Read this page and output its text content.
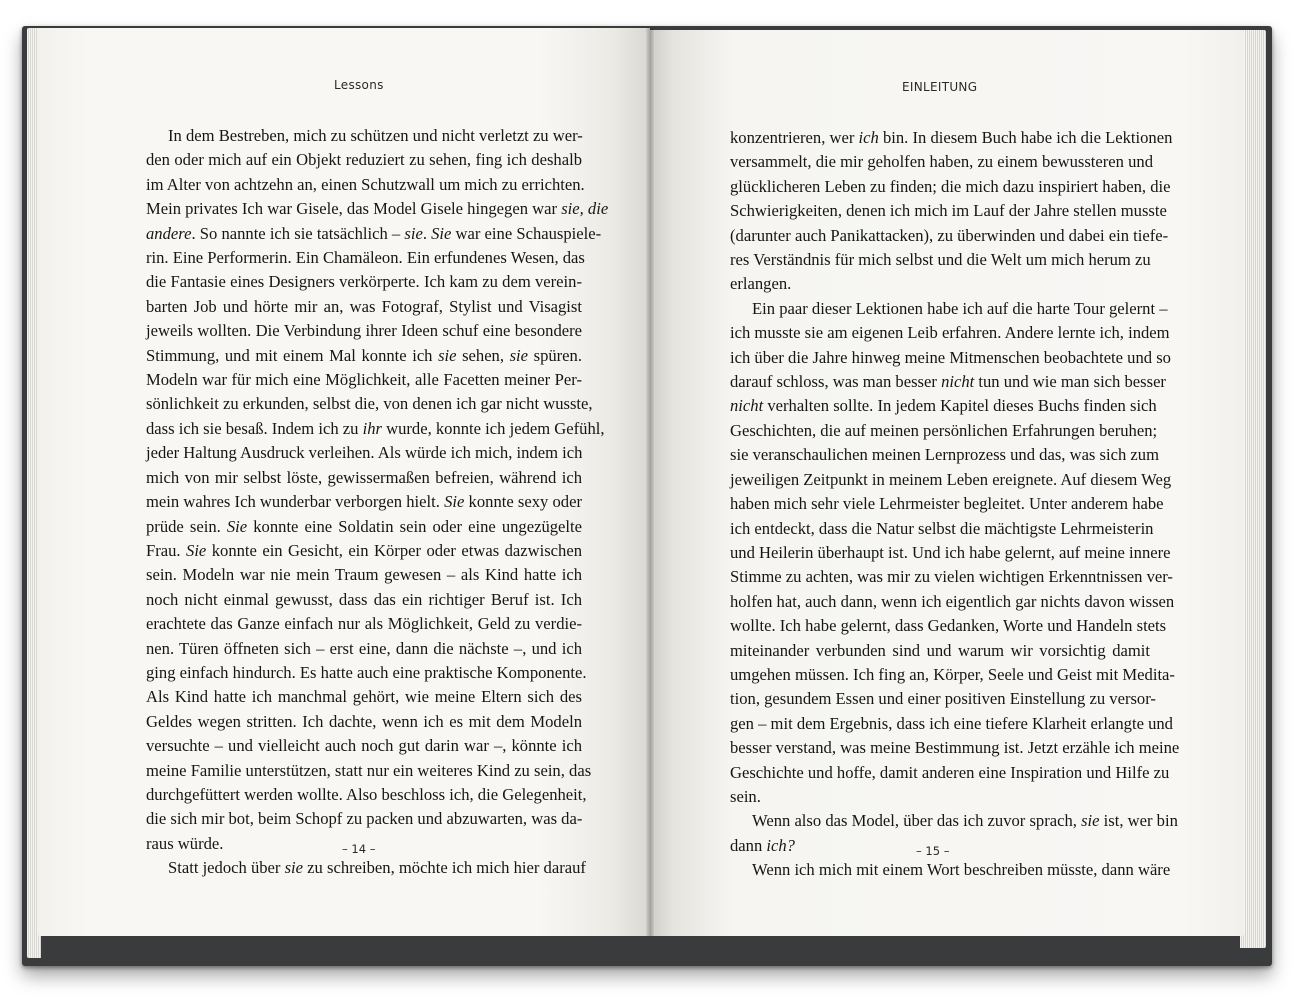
Lessons
In dem Bestreben, mich zu schützen und nicht verletzt zu wer-
den oder mich auf ein Objekt reduziert zu sehen, fing ich deshalb
im Alter von achtzehn an, einen Schutzwall um mich zu errichten.
Mein privates Ich war Gisele, das Model Gisele hingegen war sie, die
andere. So nannte ich sie tatsächlich – sie. Sie war eine Schauspiele-
rin. Eine Performerin. Ein Chamäleon. Ein erfundenes Wesen, das
die Fantasie eines Designers verkörperte. Ich kam zu dem verein-
barten Job und hörte mir an, was Fotograf, Stylist und Visagist
jeweils wollten. Die Verbindung ihrer Ideen schuf eine besondere
Stimmung, und mit einem Mal konnte ich sie sehen, sie spüren.
Modeln war für mich eine Möglichkeit, alle Facetten meiner Per-
sönlichkeit zu erkunden, selbst die, von denen ich gar nicht wusste,
dass ich sie besaß. Indem ich zu ihr wurde, konnte ich jedem Gefühl,
jeder Haltung Ausdruck verleihen. Als würde ich mich, indem ich
mich von mir selbst löste, gewissermaßen befreien, während ich
mein wahres Ich wunderbar verborgen hielt. Sie konnte sexy oder
prüde sein. Sie konnte eine Soldatin sein oder eine ungezügelte
Frau. Sie konnte ein Gesicht, ein Körper oder etwas dazwischen
sein. Modeln war nie mein Traum gewesen – als Kind hatte ich
noch nicht einmal gewusst, dass das ein richtiger Beruf ist. Ich
erachtete das Ganze einfach nur als Möglichkeit, Geld zu verdie-
nen. Türen öffneten sich – erst eine, dann die nächste –, und ich
ging einfach hindurch. Es hatte auch eine praktische Komponente.
Als Kind hatte ich manchmal gehört, wie meine Eltern sich des
Geldes wegen stritten. Ich dachte, wenn ich es mit dem Modeln
versuchte – und vielleicht auch noch gut darin war –, könnte ich
meine Familie unterstützen, statt nur ein weiteres Kind zu sein, das
durchgefüttert werden wollte. Also beschloss ich, die Gelegenheit,
die sich mir bot, beim Schopf zu packen und abzuwarten, was da-
raus würde.
Statt jedoch über sie zu schreiben, möchte ich mich hier darauf
– 14 –
EINLEITUNG
konzentrieren, wer ich bin. In diesem Buch habe ich die Lektionen
versammelt, die mir geholfen haben, zu einem bewussteren und
glücklicheren Leben zu finden; die mich dazu inspiriert haben, die
Schwierigkeiten, denen ich mich im Lauf der Jahre stellen musste
(darunter auch Panikattacken), zu überwinden und dabei ein tiefe-
res Verständnis für mich selbst und die Welt um mich herum zu
erlangen.
Ein paar dieser Lektionen habe ich auf die harte Tour gelernt –
ich musste sie am eigenen Leib erfahren. Andere lernte ich, indem
ich über die Jahre hinweg meine Mitmenschen beobachtete und so
darauf schloss, was man besser nicht tun und wie man sich besser
nicht verhalten sollte. In jedem Kapitel dieses Buchs finden sich
Geschichten, die auf meinen persönlichen Erfahrungen beruhen;
sie veranschaulichen meinen Lernprozess und das, was sich zum
jeweiligen Zeitpunkt in meinem Leben ereignete. Auf diesem Weg
haben mich sehr viele Lehrmeister begleitet. Unter anderem habe
ich entdeckt, dass die Natur selbst die mächtigste Lehrmeisterin
und Heilerin überhaupt ist. Und ich habe gelernt, auf meine innere
Stimme zu achten, was mir zu vielen wichtigen Erkenntnissen ver-
holfen hat, auch dann, wenn ich eigentlich gar nichts davon wissen
wollte. Ich habe gelernt, dass Gedanken, Worte und Handeln stets
miteinander verbunden sind und warum wir vorsichtig damit
umgehen müssen. Ich fing an, Körper, Seele und Geist mit Medita-
tion, gesundem Essen und einer positiven Einstellung zu versor-
gen – mit dem Ergebnis, dass ich eine tiefere Klarheit erlangte und
besser verstand, was meine Bestimmung ist. Jetzt erzähle ich meine
Geschichte und hoffe, damit anderen eine Inspiration und Hilfe zu
sein.
Wenn also das Model, über das ich zuvor sprach, sie ist, wer bin
dann ich?
Wenn ich mich mit einem Wort beschreiben müsste, dann wäre
– 15 –
